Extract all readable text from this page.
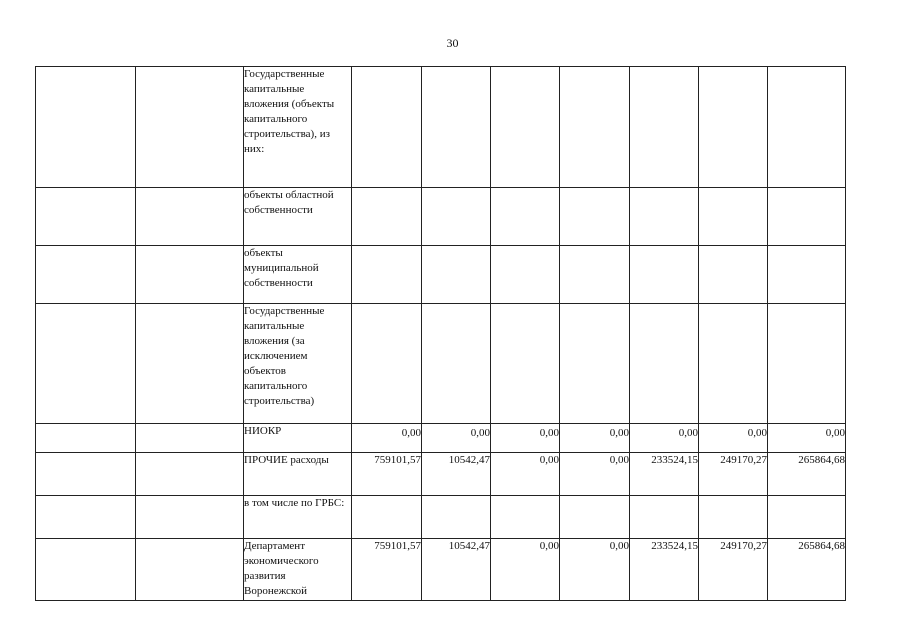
30
		Государственные капитальные вложения (объекты капитального строительства), из них:							
		объекты областной собственности							
		объекты муниципальной собственности							
		Государственные капитальные вложения (за исключением объектов капитального строительства)							
		НИОКР	0,00	0,00	0,00	0,00	0,00	0,00	0,00
		ПРОЧИЕ расходы	759101,57	10542,47	0,00	0,00	233524,15	249170,27	265864,68
		в том числе по ГРБС:							
		Департамент экономического развития Воронежской	759101,57	10542,47	0,00	0,00	233524,15	249170,27	265864,68
